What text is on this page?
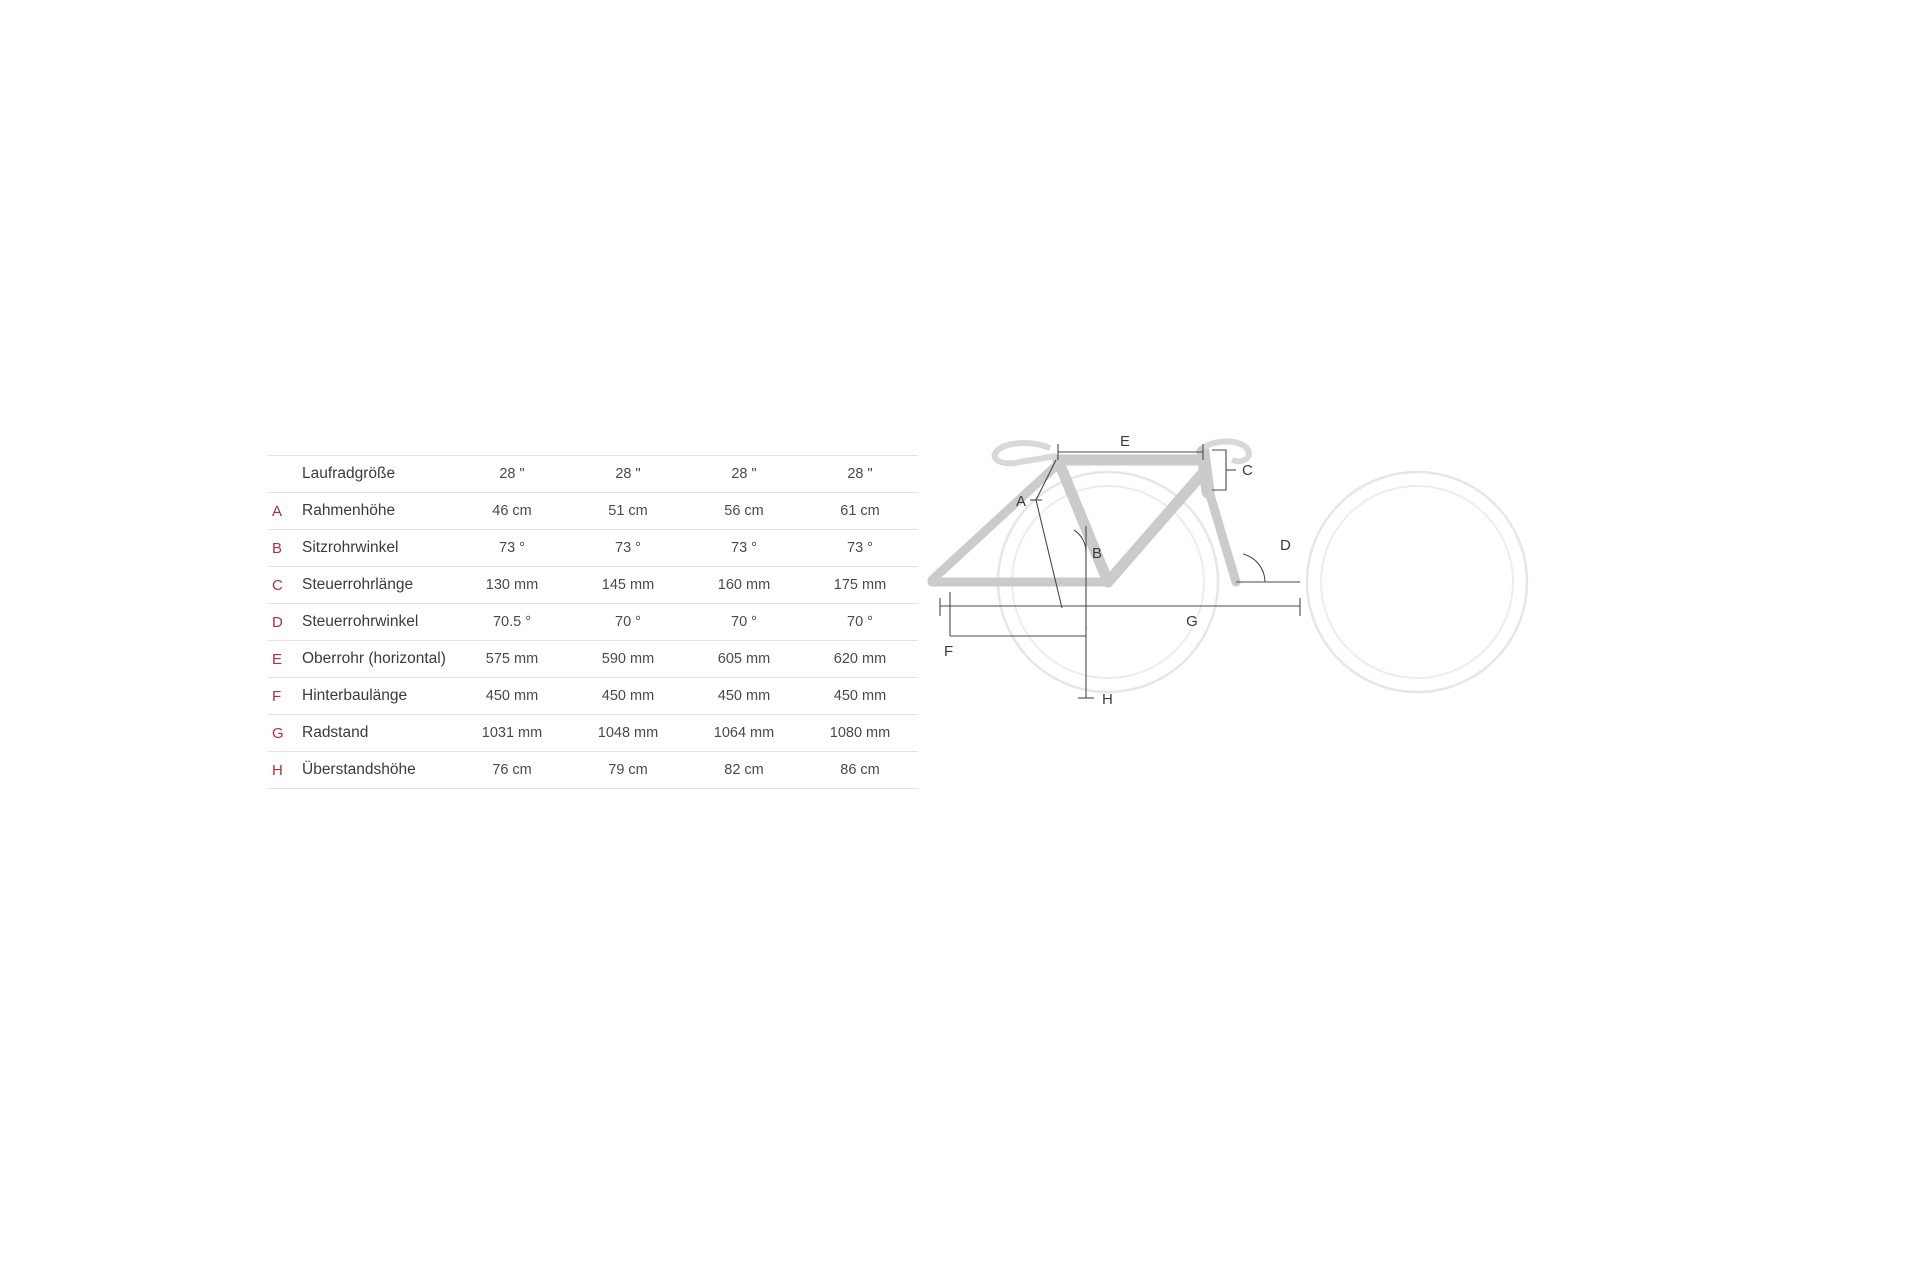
	Laufradgröße	28 "	28 "	28 "	28 "
A	Rahmenhöhe	46 cm	51 cm	56 cm	61 cm
B	Sitzrohrwinkel	73 °	73 °	73 °	73 °
C	Steuerrohrlänge	130 mm	145 mm	160 mm	175 mm
D	Steuerrohrwinkel	70.5 °	70 °	70 °	70 °
E	Oberrohr (horizontal)	575 mm	590 mm	605 mm	620 mm
F	Hinterbaulänge	450 mm	450 mm	450 mm	450 mm
G	Radstand	1031 mm	1048 mm	1064 mm	1080 mm
H	Überstandshöhe	76 cm	79 cm	82 cm	86 cm
E
C
A
D
B
G
F
H
